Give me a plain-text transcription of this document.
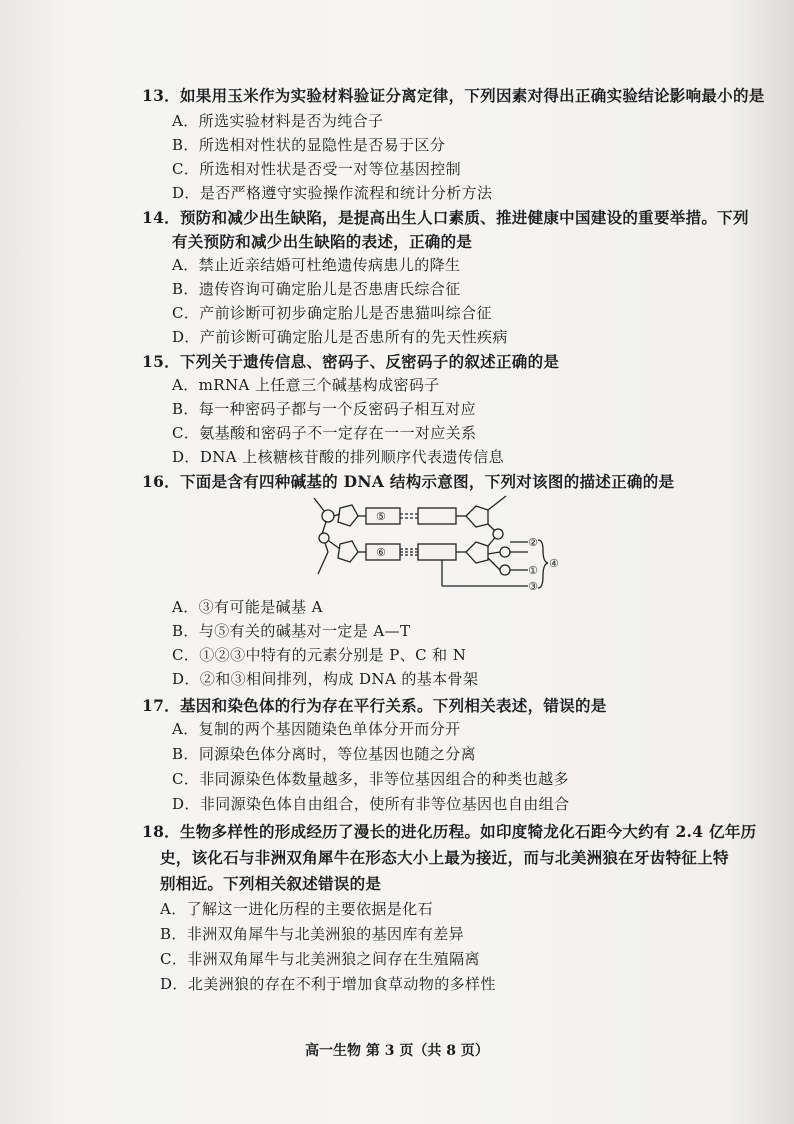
13．如果用玉米作为实验材料验证分离定律，下列因素对得出正确实验结论影响最小的是
A．所选实验材料是否为纯合子
B．所选相对性状的显隐性是否易于区分
C．所选相对性状是否受一对等位基因控制
D．是否严格遵守实验操作流程和统计分析方法
14．预防和减少出生缺陷，是提高出生人口素质、推进健康中国建设的重要举措。下列
有关预防和减少出生缺陷的表述，正确的是
A．禁止近亲结婚可杜绝遗传病患儿的降生
B．遗传咨询可确定胎儿是否患唐氏综合征
C．产前诊断可初步确定胎儿是否患猫叫综合征
D．产前诊断可确定胎儿是否患所有的先天性疾病
15．下列关于遗传信息、密码子、反密码子的叙述正确的是
A．mRNA 上任意三个碱基构成密码子
B．每一种密码子都与一个反密码子相互对应
C．氨基酸和密码子不一定存在一一对应关系
D．DNA 上核糖核苷酸的排列顺序代表遗传信息
16．下面是含有四种碱基的 DNA 结构示意图，下列对该图的描述正确的是
⑤
⑥
②
①
③
④
A．③有可能是碱基 A
B．与⑤有关的碱基对一定是 A—T
C．①②③中特有的元素分别是 P、C 和 N
D．②和③相间排列，构成 DNA 的基本骨架
17．基因和染色体的行为存在平行关系。下列相关表述，错误的是
A．复制的两个基因随染色单体分开而分开
B．同源染色体分离时，等位基因也随之分离
C．非同源染色体数量越多，非等位基因组合的种类也越多
D．非同源染色体自由组合，使所有非等位基因也自由组合
18．生物多样性的形成经历了漫长的进化历程。如印度犄龙化石距今大约有 2.4 亿年历
史，该化石与非洲双角犀牛在形态大小上最为接近，而与北美洲狼在牙齿特征上特
别相近。下列相关叙述错误的是
A．了解这一进化历程的主要依据是化石
B．非洲双角犀牛与北美洲狼的基因库有差异
C．非洲双角犀牛与北美洲狼之间存在生殖隔离
D．北美洲狼的存在不利于增加食草动物的多样性
高一生物 第 3 页（共 8 页）
